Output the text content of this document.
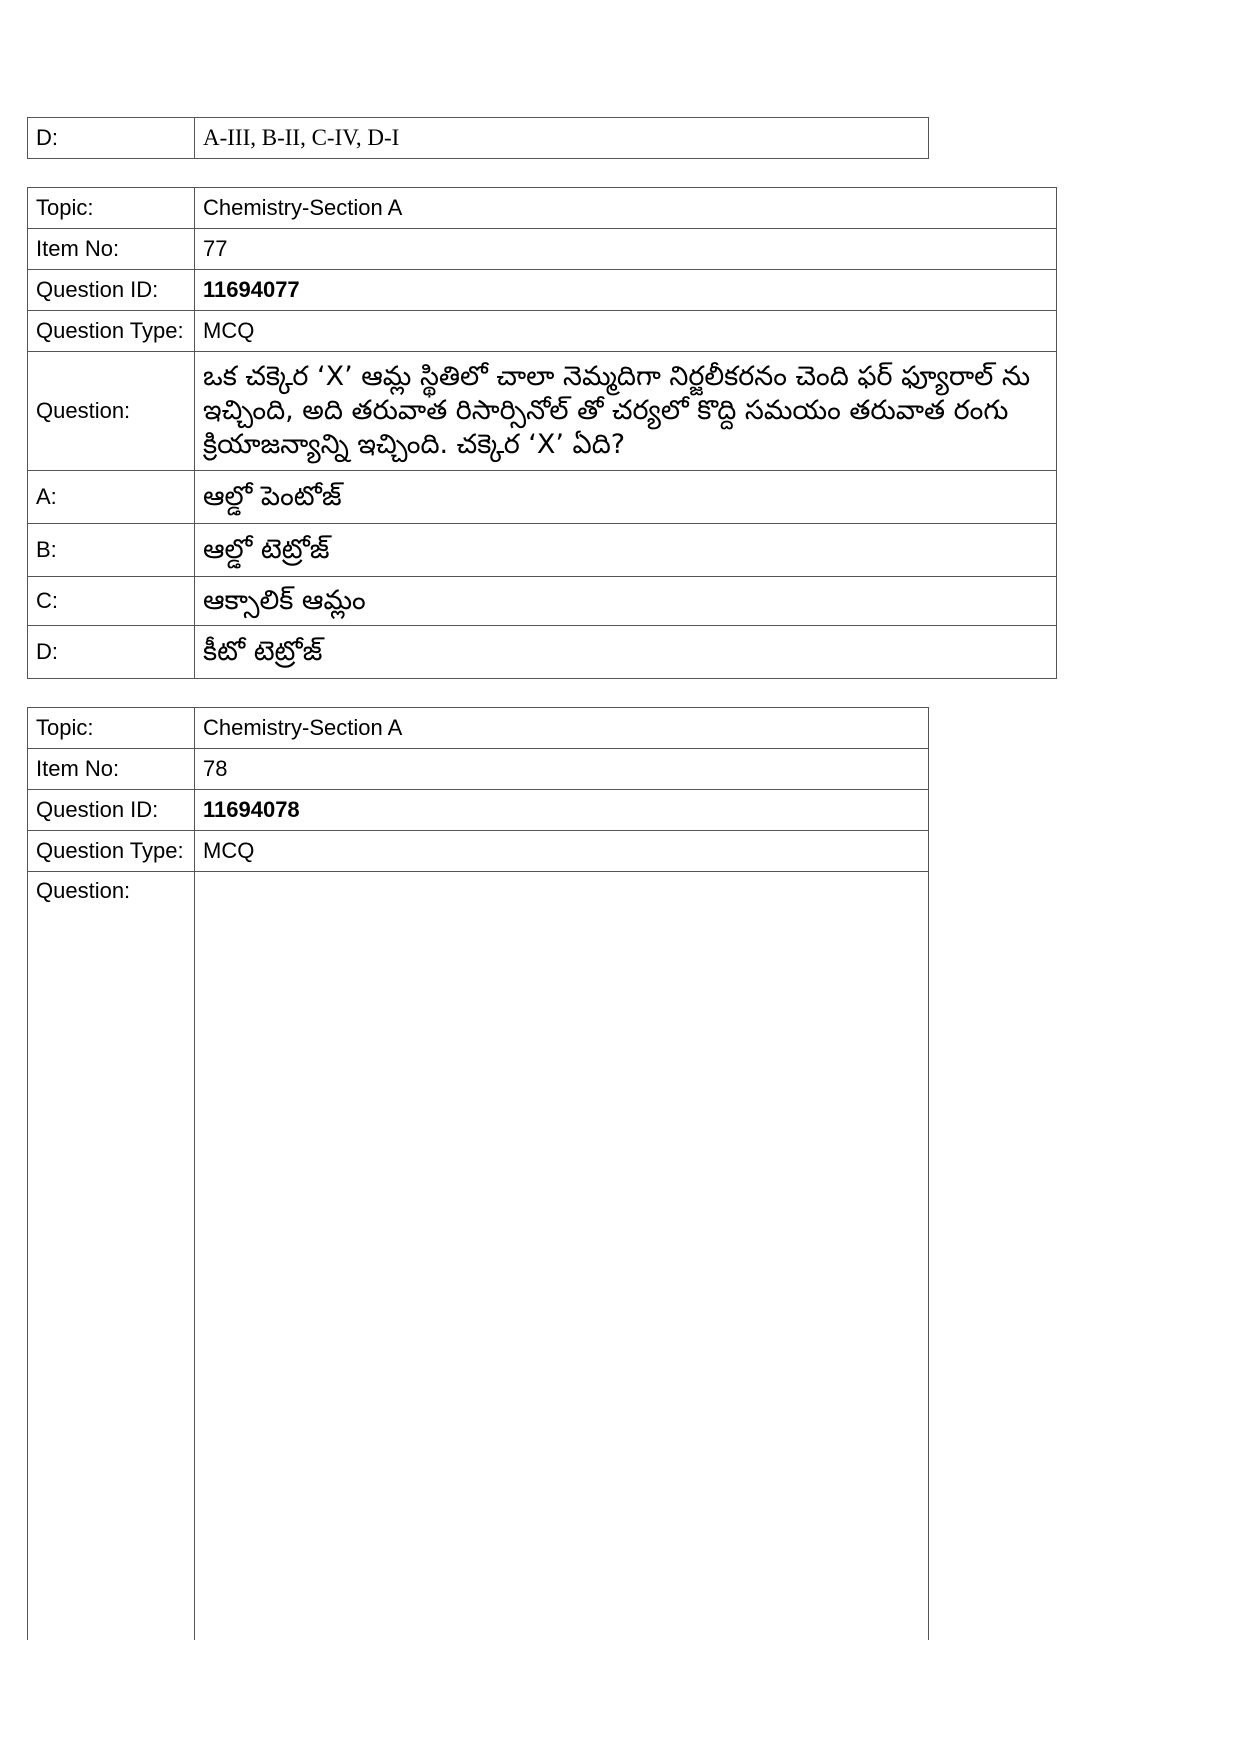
D:	A-III, B-II, C-IV, D-I
Topic:	Chemistry-Section A
Item No:	77
Question ID:	11694077
Question Type:	MCQ
Question:	ఒక చక్కెర ‘X’ ఆమ్ల స్థితిలో చాలా నెమ్మదిగా నిర్జలీకరనం చెంది ఫర్ ఫ్యూరాల్ ను ఇచ్చింది, అది తరువాత రిసార్సినోల్ తో చర్యలో కొద్ది సమయం తరువాత రంగు క్రియాజన్యాన్ని ఇచ్చింది. చక్కెర ‘X’ ఏది?
A:	ఆల్డో పెంటోజ్
B:	ఆల్డో టెట్రోజ్
C:	ఆక్సాలిక్ ఆమ్లం
D:	కీటో టెట్రోజ్
Topic:	Chemistry-Section A
Item No:	78
Question ID:	11694078
Question Type:	MCQ
Question:	
